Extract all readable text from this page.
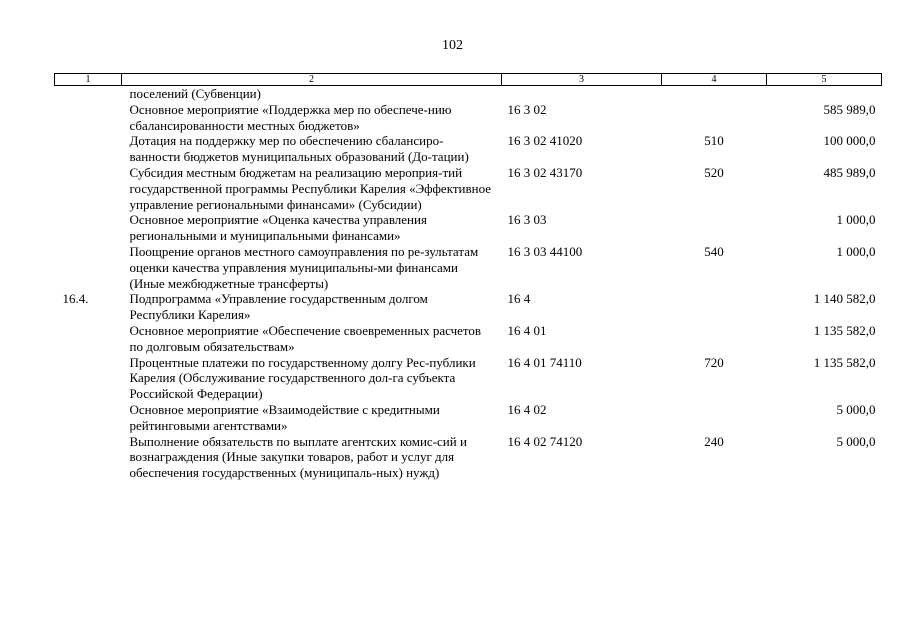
102
1	2	3	4	5
	поселений (Субвенции)			
	Основное мероприятие «Поддержка мер по обеспече-нию сбалансированности местных бюджетов»	16 3 02		585 989,0
	Дотация на поддержку мер по обеспечению сбалансиро-ванности бюджетов муниципальных образований (До-тации)	16 3 02 41020	510	100 000,0
	Субсидия местным бюджетам на реализацию мероприя-тий государственной программы Республики Карелия «Эффективное управление региональными финансами» (Субсидии)	16 3 02 43170	520	485 989,0
	Основное мероприятие «Оценка качества управления региональными и муниципальными финансами»	16 3 03		1 000,0
	Поощрение органов местного самоуправления по ре-зультатам оценки качества управления муниципальны-ми финансами (Иные межбюджетные трансферты)	16 3 03 44100	540	1 000,0
16.4.	Подпрограмма «Управление государственным долгом Республики Карелия»	16 4		1 140 582,0
	Основное мероприятие «Обеспечение своевременных расчетов по долговым обязательствам»	16 4 01		1 135 582,0
	Процентные платежи по государственному долгу Рес-публики Карелия (Обслуживание государственного дол-га субъекта Российской Федерации)	16 4 01 74110	720	1 135 582,0
	Основное мероприятие «Взаимодействие с кредитными рейтинговыми агентствами»	16 4 02		5 000,0
	Выполнение обязательств по выплате агентских комис-сий и вознаграждения (Иные закупки товаров, работ и услуг для обеспечения государственных (муниципаль-ных) нужд)	16 4 02 74120	240	5 000,0
